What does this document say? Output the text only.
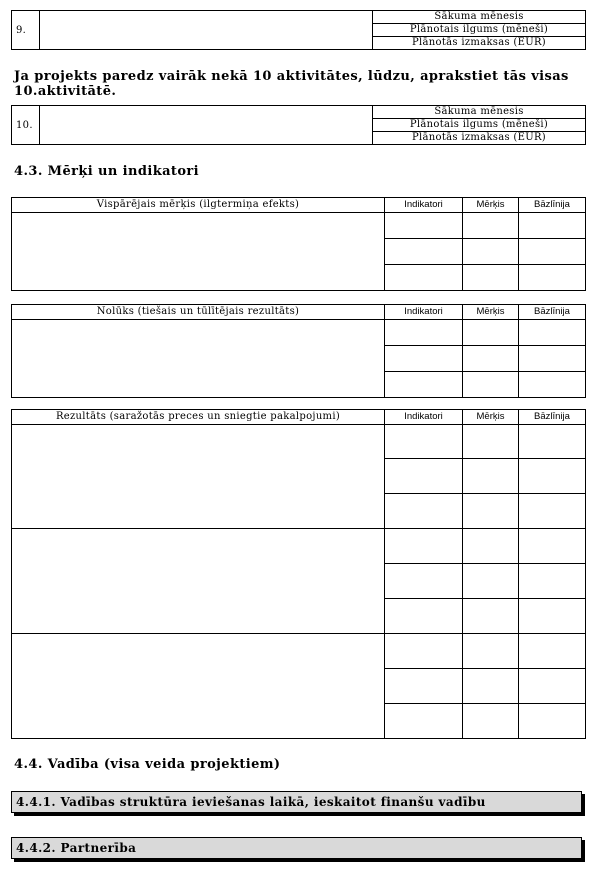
9.		Sākuma mēnesis
Plānotais ilgums (mēneši)
Plānotās izmaksas (EUR)
Ja projekts paredz vairāk nekā 10 aktivitātes, lūdzu, aprakstiet tās visas 10.aktivitātē.
10.		Sākuma mēnesis
Plānotais ilgums (mēneši)
Plānotās izmaksas (EUR)
4.3. Mērķi un indikatori
Vispārējais mērķis (ilgtermiņa efekts)	Indikatori	Mērķis	Bāzlīnija

Nolūks (tiešais un tūlītējais rezultāts)	Indikatori	Mērķis	Bāzlīnija

Rezultāts (saražotās preces un sniegtie pakalpojumi)	Indikatori	Mērķis	Bāzlīnija

4.4. Vadība (visa veida projektiem)
4.4.1. Vadības struktūra ieviešanas laikā, ieskaitot finanšu vadību
4.4.2. Partnerība
